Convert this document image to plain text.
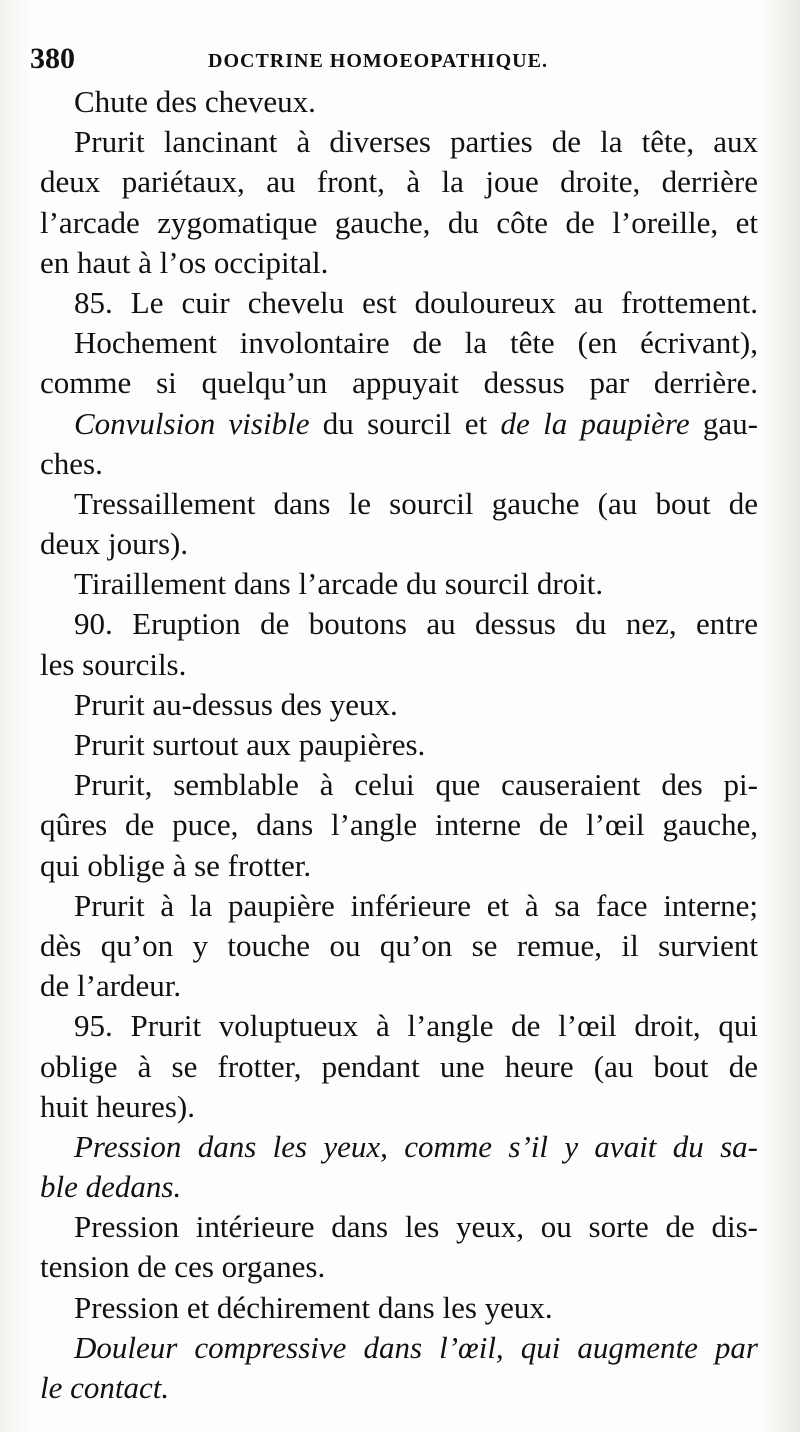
380	DOCTRINE HOMOEOPATHIQUE.
Chute des cheveux.
Prurit lancinant à diverses parties de la tête, aux
deux pariétaux, au front, à la joue droite, derrière
l’arcade zygomatique gauche, du côte de l’oreille, et
en haut à l’os occipital.
85. Le cuir chevelu est douloureux au frottement.
Hochement involontaire de la tête (en écrivant),
comme si quelqu’un appuyait dessus par derrière.
Convulsion visible du sourcil et de la paupière gau-
ches.
Tressaillement dans le sourcil gauche (au bout de
deux jours).
Tiraillement dans l’arcade du sourcil droit.
90. Eruption de boutons au dessus du nez, entre
les sourcils.
Prurit au-dessus des yeux.
Prurit surtout aux paupières.
Prurit, semblable à celui que causeraient des pi-
qûres de puce, dans l’angle interne de l’œil gauche,
qui oblige à se frotter.
Prurit à la paupière inférieure et à sa face interne;
dès qu’on y touche ou qu’on se remue, il survient
de l’ardeur.
95. Prurit voluptueux à l’angle de l’œil droit, qui
oblige à se frotter, pendant une heure (au bout de
huit heures).
Pression dans les yeux, comme s’il y avait du sa-
ble dedans.
Pression intérieure dans les yeux, ou sorte de dis-
tension de ces organes.
Pression et déchirement dans les yeux.
Douleur compressive dans l’œil, qui augmente par
le contact.
